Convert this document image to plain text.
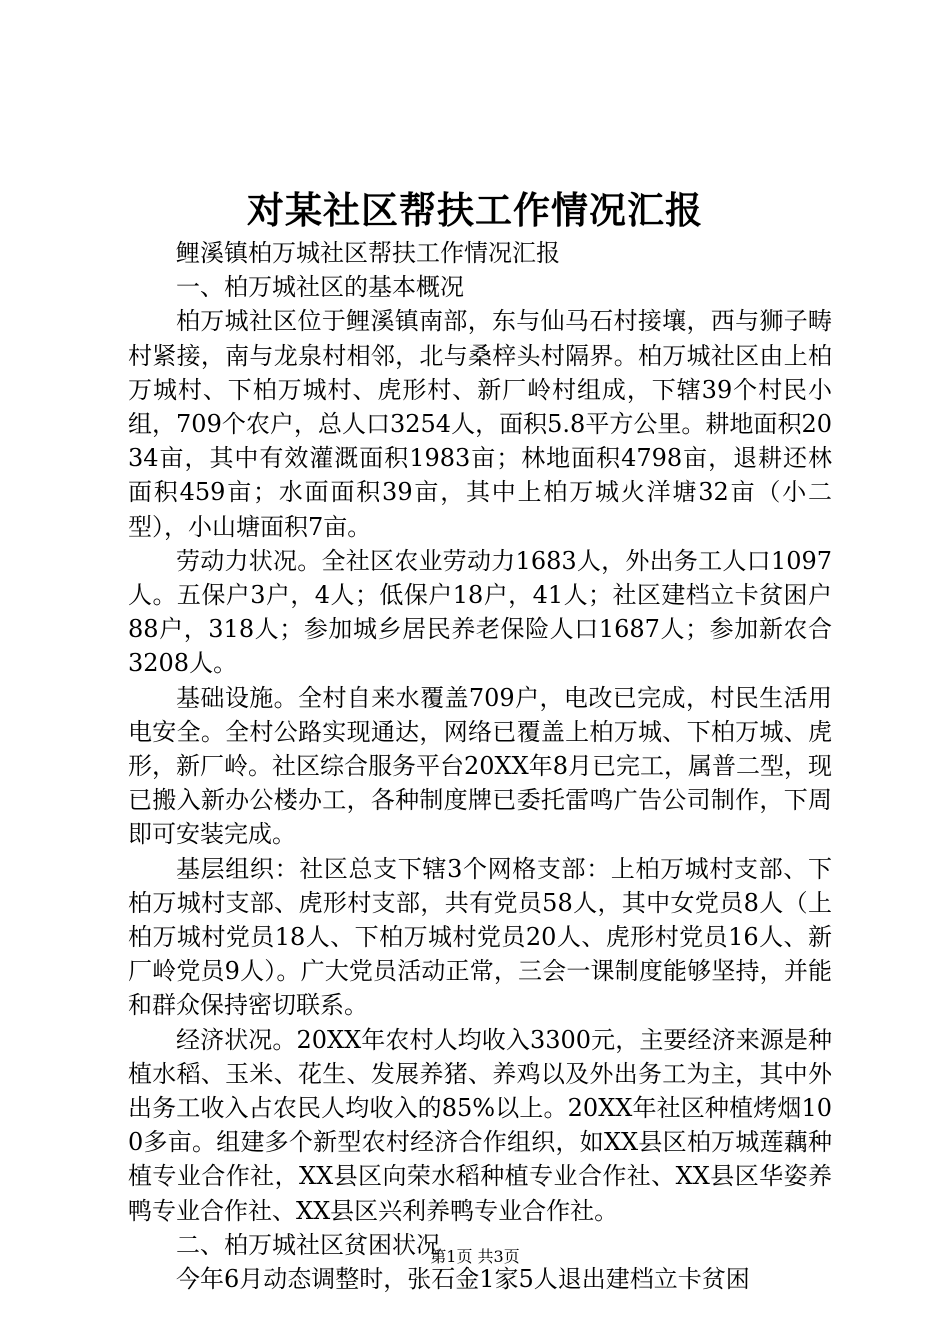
对某社区帮扶工作情况汇报

鲤溪镇柏万城社区帮扶工作情况汇报

一、柏万城社区的基本概况

柏万城社区位于鲤溪镇南部，东与仙马石村接壤，西与狮子畴村紧接，南与龙泉村相邻，北与桑梓头村隔界。柏万城社区由上柏万城村、下柏万城村、虎形村、新厂岭村组成，下辖39个村民小组，709个农户，总人口3254人，面积5.8平方公里。耕地面积2034亩，其中有效灌溉面积1983亩；林地面积4798亩，退耕还林面积459亩；水面面积39亩，其中上柏万城火洋塘32亩（小二型），小山塘面积7亩。

劳动力状况。全社区农业劳动力1683人，外出务工人口1097人。五保户3户，4人；低保户18户，41人；社区建档立卡贫困户88户，318人；参加城乡居民养老保险人口1687人；参加新农合3208人。

基础设施。全村自来水覆盖709户，电改已完成，村民生活用电安全。全村公路实现通达，网络已覆盖上柏万城、下柏万城、虎形，新厂岭。社区综合服务平台20XX年8月已完工，属普二型，现已搬入新办公楼办工，各种制度牌已委托雷鸣广告公司制作，下周即可安装完成。

基层组织：社区总支下辖3个网格支部：上柏万城村支部、下柏万城村支部、虎形村支部，共有党员58人，其中女党员8人（上柏万城村党员18人、下柏万城村党员20人、虎形村党员16人、新厂岭党员9人）。广大党员活动正常，三会一课制度能够坚持，并能和群众保持密切联系。

经济状况。20XX年农村人均收入3300元，主要经济来源是种植水稻、玉米、花生、发展养猪、养鸡以及外出务工为主，其中外出务工收入占农民人均收入的85%以上。20XX年社区种植烤烟100多亩。组建多个新型农村经济合作组织，如XX县区柏万城莲藕种植专业合作社，XX县区向荣水稻种植专业合作社、XX县区华姿养鸭专业合作社、XX县区兴利养鸭专业合作社。

二、柏万城社区贫困状况

今年6月动态调整时，张石金1家5人退出建档立卡贫困

第1页 共3页
